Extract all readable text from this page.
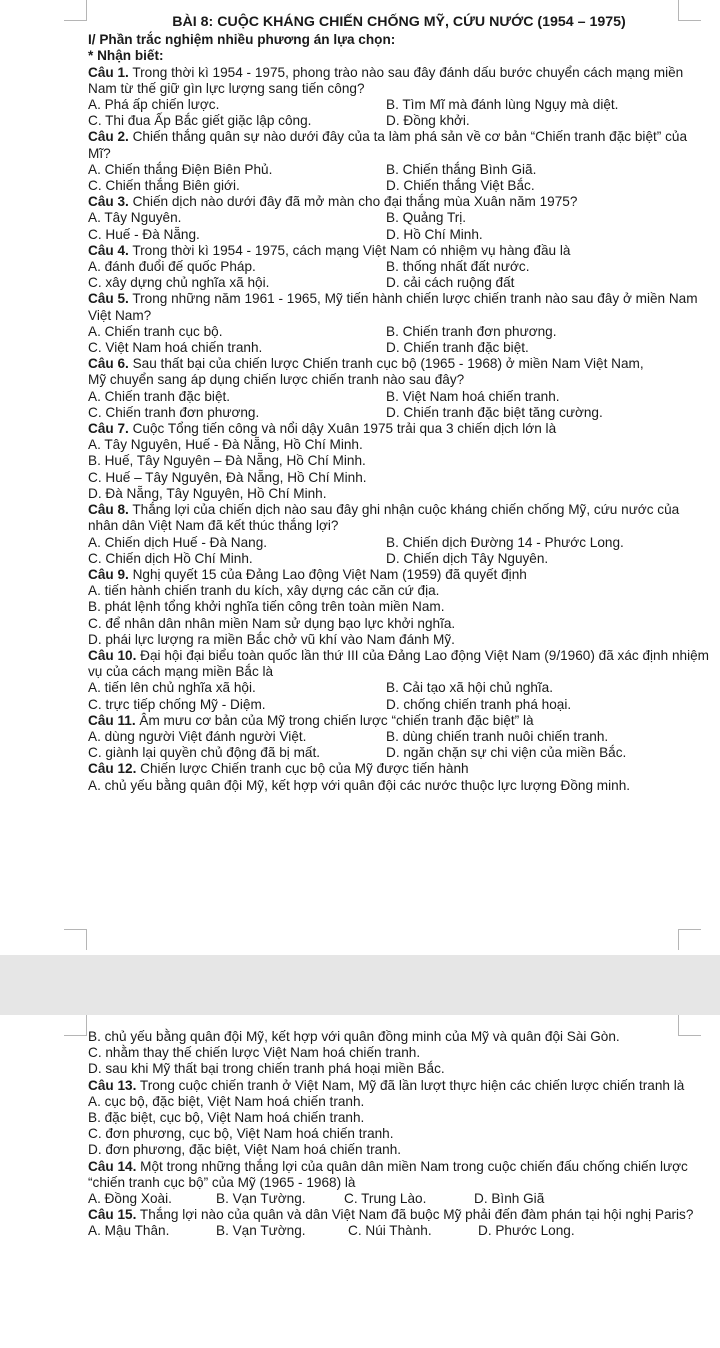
BÀI 8: CUỘC KHÁNG CHIẾN CHỐNG MỸ, CỨU NƯỚC (1954 – 1975)
I/ Phần trắc nghiệm nhiều phương án lựa chọn:
* Nhận biết:
Câu 1. Trong thời kì 1954 - 1975, phong trào nào sau đây đánh dấu bước chuyển cách mạng miền Nam từ thế giữ gìn lực lượng sang tiến công?
A. Phá ấp chiến lược.	B. Tìm Mĩ mà đánh lùng Ngụy mà diệt.
C. Thi đua Ấp Bắc giết giặc lập công.	D. Đồng khởi.
Câu 2. Chiến thắng quân sự nào dưới đây của ta làm phá sản về cơ bản “Chiến tranh đặc biệt” của Mĩ?
A. Chiến thắng Điện Biên Phủ.	B. Chiến thắng Bình Giã.
C. Chiến thắng Biên giới.	D. Chiến thắng Việt Bắc.
Câu 3. Chiến dịch nào dưới đây đã mở màn cho đại thắng mùa Xuân năm 1975?
A. Tây Nguyên.	B. Quảng Trị.
C. Huế - Đà Nẵng.	D. Hồ Chí Minh.
Câu 4. Trong thời kì 1954 - 1975, cách mạng Việt Nam có nhiệm vụ hàng đầu là
A. đánh đuổi đế quốc Pháp.	B. thống nhất đất nước.
C. xây dựng chủ nghĩa xã hội.	D. cải cách ruộng đất
Câu 5. Trong những năm 1961 - 1965, Mỹ tiến hành chiến lược chiến tranh nào sau đây ở miền Nam Việt Nam?
A. Chiến tranh cục bộ.	B. Chiến tranh đơn phương.
C. Việt Nam hoá chiến tranh.	D. Chiến tranh đặc biệt.
Câu 6. Sau thất bại của chiến lược Chiến tranh cục bộ (1965 - 1968) ở miền Nam Việt Nam,
Mỹ chuyển sang áp dụng chiến lược chiến tranh nào sau đây?
A. Chiến tranh đặc biệt.	B. Việt Nam hoá chiến tranh.
C. Chiến tranh đơn phương.	D. Chiến tranh đặc biệt tăng cường.
Câu 7. Cuộc Tổng tiến công và nổi dậy Xuân 1975 trải qua 3 chiến dịch lớn là
A. Tây Nguyên, Huế - Đà Nẵng, Hồ Chí Minh.
B. Huế, Tây Nguyên – Đà Nẵng, Hồ Chí Minh.
C. Huế – Tây Nguyên, Đà Nẵng, Hồ Chí Minh.
D. Đà Nẵng, Tây Nguyên, Hồ Chí Minh.
Câu 8. Thắng lợi của chiến dịch nào sau đây ghi nhận cuộc kháng chiến chống Mỹ, cứu nước của nhân dân Việt Nam đã kết thúc thắng lợi?
A. Chiến dịch Huế - Đà Nang.	B. Chiến dịch Đường 14 - Phước Long.
C. Chiến dịch Hồ Chí Minh.	D. Chiến dịch Tây Nguyên.
Câu 9. Nghị quyết 15 của Đảng Lao động Việt Nam (1959) đã quyết định
A. tiến hành chiến tranh du kích, xây dựng các căn cứ địa.
B. phát lệnh tổng khởi nghĩa tiến công trên toàn miền Nam.
C. để nhân dân nhân miền Nam sử dụng bạo lực khởi nghĩa.
D. phái lực lượng ra miền Bắc chở vũ khí vào Nam đánh Mỹ.
Câu 10. Đại hội đại biểu toàn quốc lần thứ III của Đảng Lao động Việt Nam (9/1960) đã xác định nhiệm vụ của cách mạng miền Bắc là
A. tiến lên chủ nghĩa xã hội.	B. Cải tạo xã hội chủ nghĩa.
C. trực tiếp chống Mỹ - Diệm.	D. chống chiến tranh phá hoại.
Câu 11. Âm mưu cơ bản của Mỹ trong chiến lược “chiến tranh đặc biệt” là
A. dùng người Việt đánh người Việt.	B. dùng chiến tranh nuôi chiến tranh.
C. giành lại quyền chủ động đã bị mất.	D. ngăn chặn sự chi viện của miền Bắc.
Câu 12. Chiến lược Chiến tranh cục bộ của Mỹ được tiến hành
A. chủ yếu bằng quân đội Mỹ, kết hợp với quân đội các nước thuộc lực lượng Đồng minh.
B. chủ yếu bằng quân đội Mỹ, kết hợp với quân đồng minh của Mỹ và quân đội Sài Gòn.
C. nhằm thay thế chiến lược Việt Nam hoá chiến tranh.
D. sau khi Mỹ thất bại trong chiến tranh phá hoại miền Bắc.
Câu 13. Trong cuộc chiến tranh ở Việt Nam, Mỹ đã lần lượt thực hiện các chiến lược chiến tranh là
A. cục bộ, đặc biệt, Việt Nam hoá chiến tranh.
B. đặc biệt, cục bộ, Việt Nam hoá chiến tranh.
C. đơn phương, cục bộ, Việt Nam hoá chiến tranh.
D. đơn phương, đặc biệt, Việt Nam hoá chiến tranh.
Câu 14. Một trong những thắng lợi của quân dân miền Nam trong cuộc chiến đấu chống chiến lược “chiến tranh cục bộ” của Mỹ (1965 - 1968) là
A. Đồng Xoài.	B. Vạn Tường.	C. Trung Lào.	D. Bình Giã
Câu 15. Thắng lợi nào của quân và dân Việt Nam đã buộc Mỹ phải đến đàm phán tại hội nghị Paris?
A. Mậu Thân.	B. Vạn Tường.	C. Núi Thành.	D. Phước Long.
